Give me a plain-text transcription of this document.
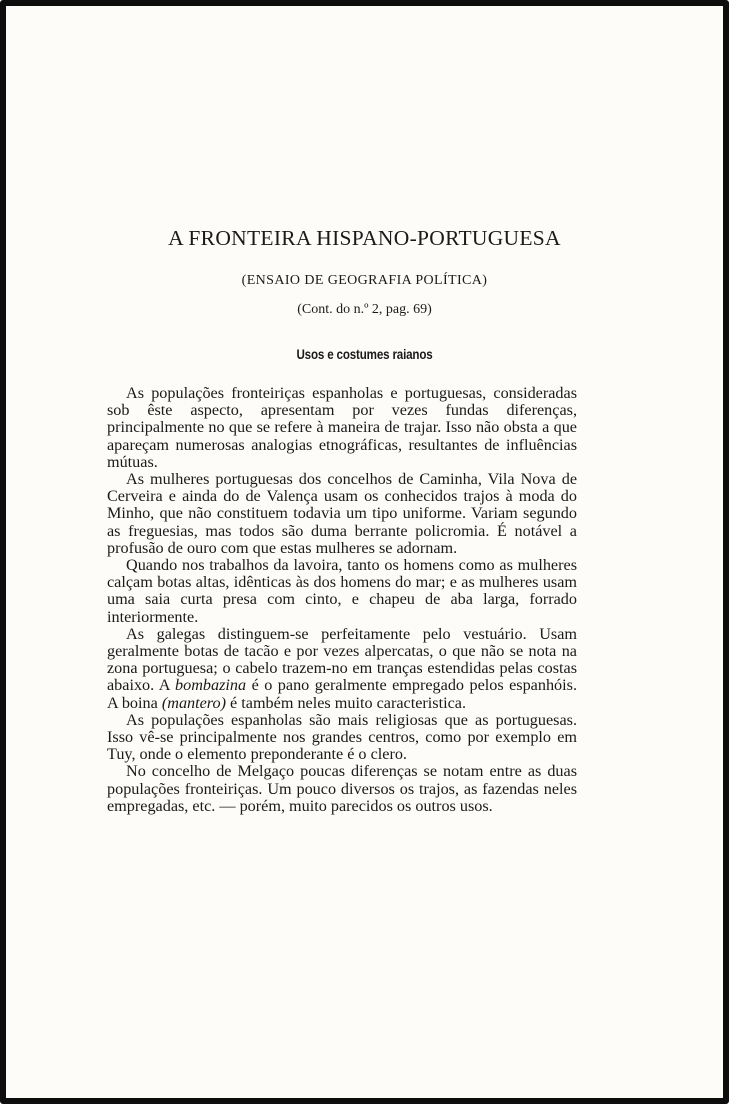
A FRONTEIRA HISPANO-PORTUGUESA
(ENSAIO DE GEOGRAFIA POLÍTICA)
(Cont. do n.º 2, pag. 69)
Usos e costumes raianos

As populações fronteiriças espanholas e portuguesas, consideradas sob êste aspecto, apresentam por vezes fundas diferenças, principalmente no que se refere à maneira de trajar. Isso não obsta a que apareçam numerosas analogias etnográficas, resultantes de influências mútuas.

As mulheres portuguesas dos concelhos de Caminha, Vila Nova de Cerveira e ainda do de Valença usam os conhecidos trajos à moda do Minho, que não constituem todavia um tipo uniforme. Variam segundo as freguesias, mas todos são duma berrante policromia. É notável a profusão de ouro com que estas mulheres se adornam.

Quando nos trabalhos da lavoira, tanto os homens como as mulheres calçam botas altas, idênticas às dos homens do mar; e as mulheres usam uma saia curta presa com cinto, e chapeu de aba larga, forrado interiormente.

As galegas distinguem-se perfeitamente pelo vestuário. Usam geralmente botas de tacão e por vezes alpercatas, o que não se nota na zona portuguesa; o cabelo trazem-no em tranças estendidas pelas costas abaixo. A bombazina é o pano geralmente empregado pelos espanhóis. A boina (mantero) é também neles muito caracteristica.

As populações espanholas são mais religiosas que as portuguesas. Isso vê-se principalmente nos grandes centros, como por exemplo em Tuy, onde o elemento preponderante é o clero.

No concelho de Melgaço poucas diferenças se notam entre as duas populações fronteiriças. Um pouco diversos os trajos, as fazendas neles empregadas, etc. — porém, muito parecidos os outros usos.
